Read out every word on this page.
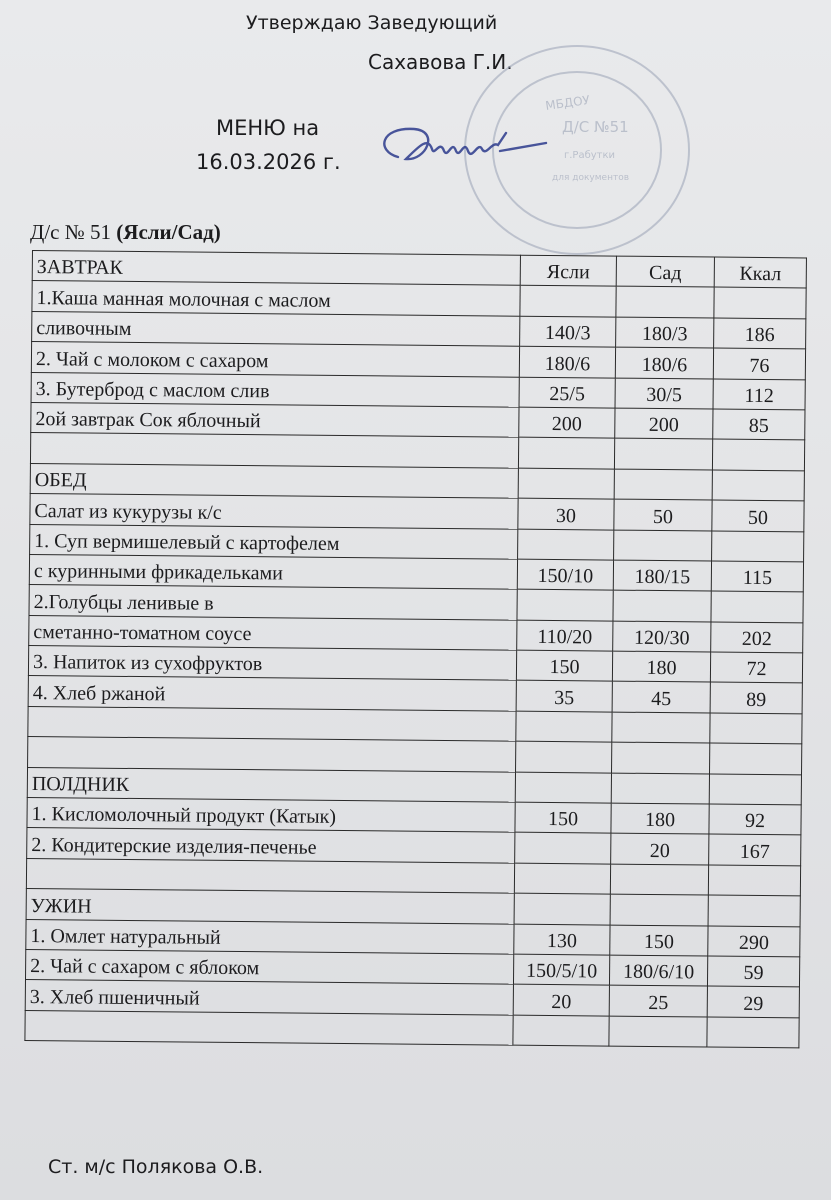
Утверждаю Заведующий
Сахавова Г.И.
МБДОУ
Д/С №51
г.Рабутки
для документов
МЕНЮ на
16.03.2026 г.
Д/с № 51 (Ясли/Сад)
ЗАВТРАК	Ясли	Сад	Ккал
1.Каша манная молочная с маслом			
сливочным	140/3	180/3	186
2. Чай с молоком с сахаром	180/6	180/6	76
3. Бутерброд с маслом слив	25/5	30/5	112
2ой завтрак Сок яблочный	200	200	85

ОБЕД			
Салат из кукурузы к/с	30	50	50
1. Суп вермишелевый с картофелем			
с куринными фрикадельками	150/10	180/15	115
2.Голубцы ленивые в			
сметанно-томатном соусе	110/20	120/30	202
3. Напиток из сухофруктов	150	180	72
4. Хлеб ржаной	35	45	89

ПОЛДНИК			
1. Кисломолочный продукт (Катык)	150	180	92
2. Кондитерские изделия-печенье		20	167

УЖИН			
1. Омлет натуральный	130	150	290
2. Чай с сахаром с яблоком	150/5/10	180/6/10	59
3. Хлеб пшеничный	20	25	29

Ст. м/с Полякова О.В.
